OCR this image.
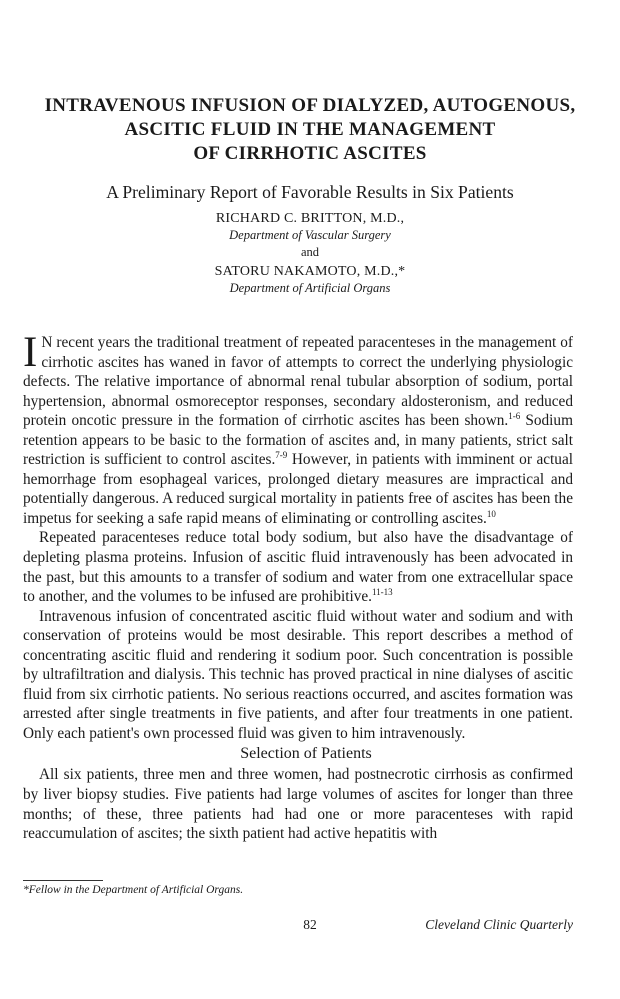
INTRAVENOUS INFUSION OF DIALYZED, AUTOGENOUS,
ASCITIC FLUID IN THE MANAGEMENT
OF CIRRHOTIC ASCITES
A Preliminary Report of Favorable Results in Six Patients
RICHARD C. BRITTON, M.D.,
Department of Vascular Surgery
and
SATORU NAKAMOTO, M.D.,*
Department of Artificial Organs

I N recent years the traditional treatment of repeated paracenteses in the management of cirrhotic ascites has waned in favor of attempts to correct the underlying physiologic defects. The relative importance of abnormal renal tubular absorption of sodium, portal hypertension, abnormal osmoreceptor responses, secondary aldosteronism, and reduced protein oncotic pressure in the formation of cirrhotic ascites has been shown.$^{1-6}$ Sodium retention appears to be basic to the formation of ascites and, in many patients, strict salt restriction is sufficient to control ascites.$^{7-9}$ However, in patients with imminent or actual hemorrhage from esophageal varices, prolonged dietary measures are impractical and potentially dangerous. A reduced surgical mortality in patients free of ascites has been the impetus for seeking a safe rapid means of eliminating or controlling ascites.$^{10}$

Repeated paracenteses reduce total body sodium, but also have the disadvantage of depleting plasma proteins. Infusion of ascitic fluid intravenously has been advocated in the past, but this amounts to a transfer of sodium and water from one extracellular space to another, and the volumes to be infused are prohibitive.$^{11-13}$

Intravenous infusion of concentrated ascitic fluid without water and sodium and with conservation of proteins would be most desirable. This report describes a method of concentrating ascitic fluid and rendering it sodium poor. Such concentration is possible by ultrafiltration and dialysis. This technic has proved practical in nine dialyses of ascitic fluid from six cirrhotic patients. No serious reactions occurred, and ascites formation was arrested after single treatments in five patients, and after four treatments in one patient. Only each patient's own processed fluid was given to him intravenously.

Selection of Patients

All six patients, three men and three women, had postnecrotic cirrhosis as confirmed by liver biopsy studies. Five patients had large volumes of ascites for longer than three months; of these, three patients had had one or more paracenteses with rapid reaccumulation of ascites; the sixth patient had active hepatitis with

*Fellow in the Department of Artificial Organs.
82	Cleveland Clinic Quarterly
